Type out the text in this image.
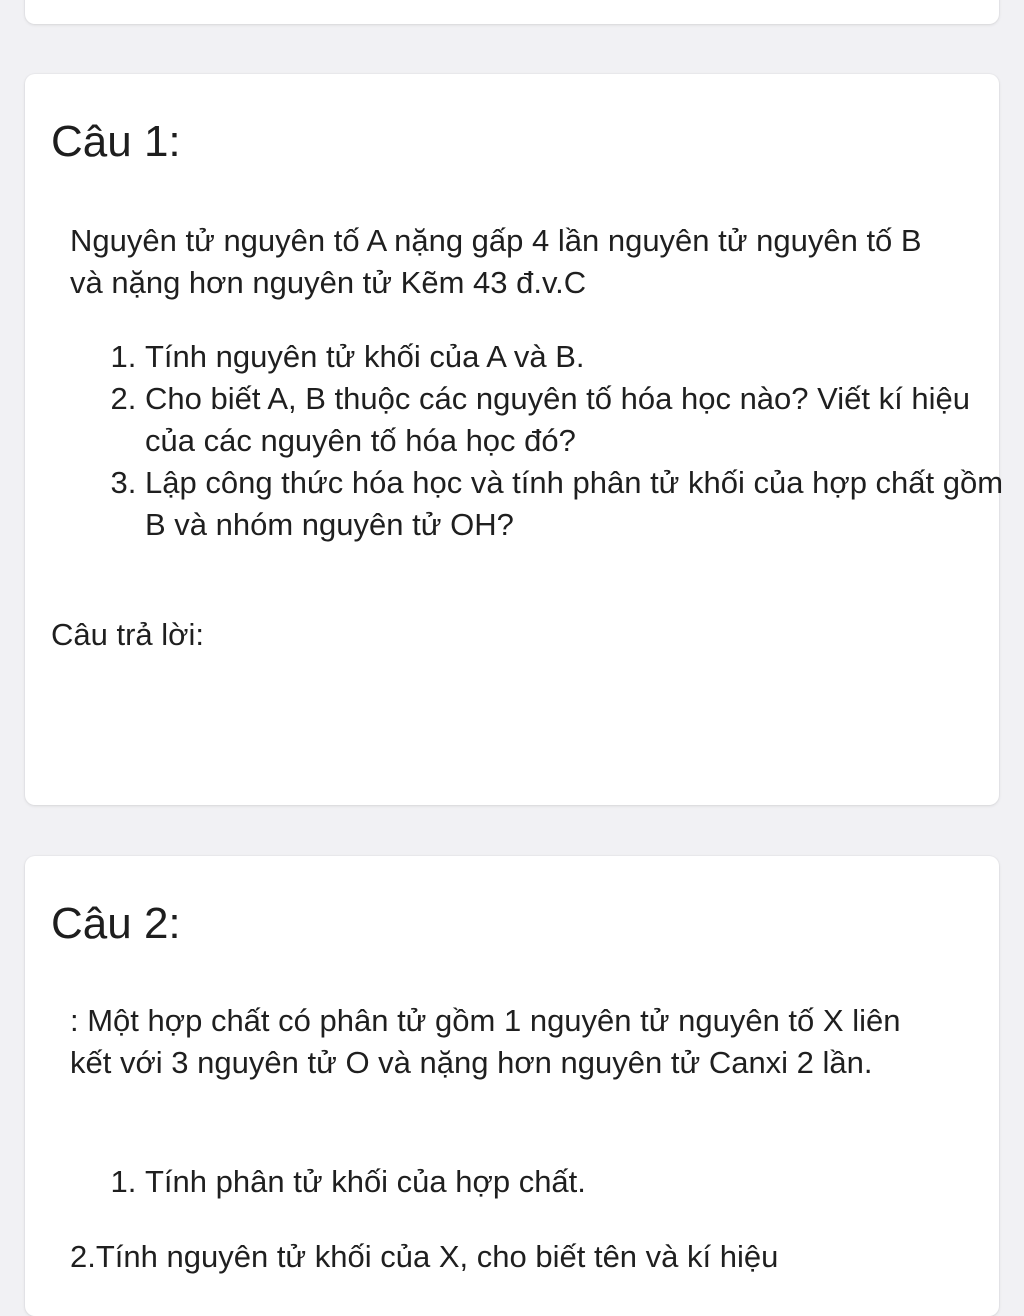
Câu 1:

Nguyên tử nguyên tố A nặng gấp 4 lần nguyên tử nguyên tố B và nặng hơn nguyên tử Kẽm 43 đ.v.C

1. Tính nguyên tử khối của A và B.
2. Cho biết A, B thuộc các nguyên tố hóa học nào? Viết kí hiệu của các nguyên tố hóa học đó?
3. Lập công thức hóa học và tính phân tử khối của hợp chất gồm B và nhóm nguyên tử OH?

Câu trả lời:

Câu 2:

: Một hợp chất có phân tử gồm 1 nguyên tử nguyên tố X liên kết với 3 nguyên tử O và nặng hơn nguyên tử Canxi 2 lần.

1. Tính phân tử khối của hợp chất.

2.Tính nguyên tử khối của X, cho biết tên và kí hiệu
